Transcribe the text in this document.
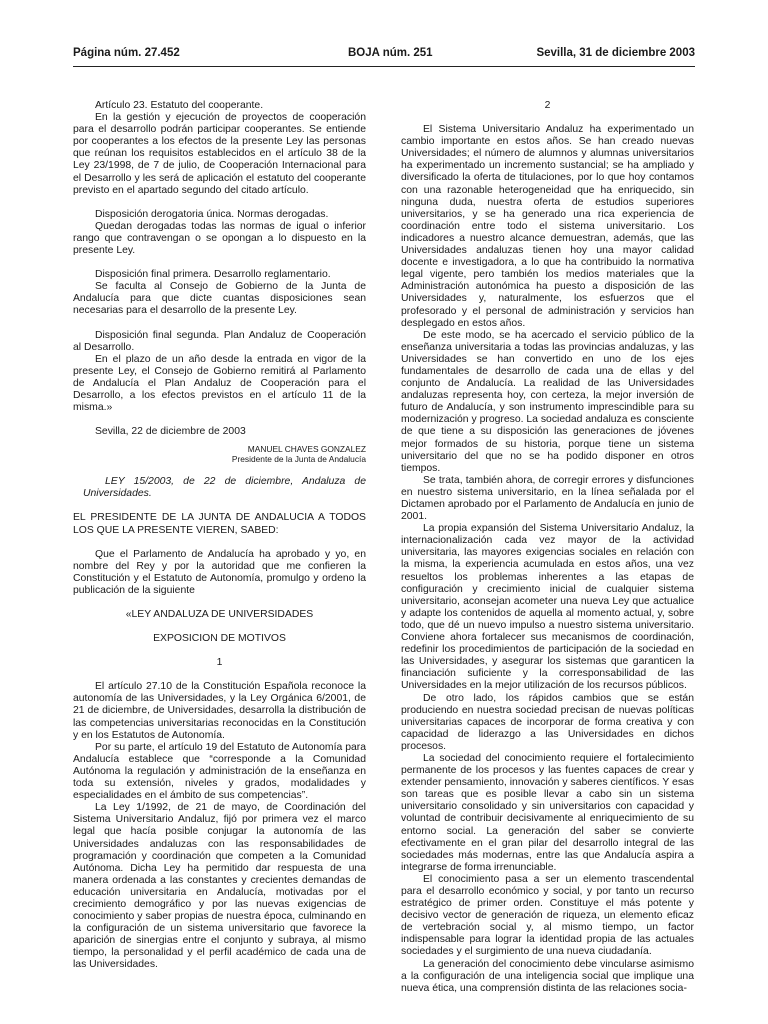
Página núm. 27.452	BOJA núm. 251	Sevilla, 31 de diciembre 2003

Artículo 23. Estatuto del cooperante.

En la gestión y ejecución de proyectos de cooperación para el desarrollo podrán participar cooperantes. Se entiende por cooperantes a los efectos de la presente Ley las personas que reúnan los requisitos establecidos en el artículo 38 de la Ley 23/1998, de 7 de julio, de Cooperación Internacional para el Desarrollo y les será de aplicación el estatuto del cooperante previsto en el apartado segundo del citado artículo.

Disposición derogatoria única. Normas derogadas.

Quedan derogadas todas las normas de igual o inferior rango que contravengan o se opongan a lo dispuesto en la presente Ley.

Disposición final primera. Desarrollo reglamentario.

Se faculta al Consejo de Gobierno de la Junta de Andalucía para que dicte cuantas disposiciones sean necesarias para el desarrollo de la presente Ley.

Disposición final segunda. Plan Andaluz de Cooperación al Desarrollo.

En el plazo de un año desde la entrada en vigor de la presente Ley, el Consejo de Gobierno remitirá al Parlamento de Andalucía el Plan Andaluz de Cooperación para el Desarrollo, a los efectos previstos en el artículo 11 de la misma.»

Sevilla, 22 de diciembre de 2003

MANUEL CHAVES GONZALEZ

Presidente de la Junta de Andalucía

LEY 15/2003, de 22 de diciembre, Andaluza de Universidades.

EL PRESIDENTE DE LA JUNTA DE ANDALUCIA A TODOS LOS QUE LA PRESENTE VIEREN, SABED:

Que el Parlamento de Andalucía ha aprobado y yo, en nombre del Rey y por la autoridad que me confieren la Constitución y el Estatuto de Autonomía, promulgo y ordeno la publicación de la siguiente

«LEY ANDALUZA DE UNIVERSIDADES

EXPOSICION DE MOTIVOS

1

El artículo 27.10 de la Constitución Española reconoce la autonomía de las Universidades, y la Ley Orgánica 6/2001, de 21 de diciembre, de Universidades, desarrolla la distribución de las competencias universitarias reconocidas en la Constitución y en los Estatutos de Autonomía.

Por su parte, el artículo 19 del Estatuto de Autonomía para Andalucía establece que “corresponde a la Comunidad Autónoma la regulación y administración de la enseñanza en toda su extensión, niveles y grados, modalidades y especialidades en el ámbito de sus competencias”.

La Ley 1/1992, de 21 de mayo, de Coordinación del Sistema Universitario Andaluz, fijó por primera vez el marco legal que hacía posible conjugar la autonomía de las Universidades andaluzas con las responsabilidades de programación y coordinación que competen a la Comunidad Autónoma. Dicha Ley ha permitido dar respuesta de una manera ordenada a las constantes y crecientes demandas de educación universitaria en Andalucía, motivadas por el crecimiento demográfico y por las nuevas exigencias de conocimiento y saber propias de nuestra época, culminando en la configuración de un sistema universitario que favorece la aparición de sinergias entre el conjunto y subraya, al mismo tiempo, la personalidad y el perfil académico de cada una de las Universidades.

2

El Sistema Universitario Andaluz ha experimentado un cambio importante en estos años. Se han creado nuevas Universidades; el número de alumnos y alumnas universitarios ha experimentado un incremento sustancial; se ha ampliado y diversificado la oferta de titulaciones, por lo que hoy contamos con una razonable heterogeneidad que ha enriquecido, sin ninguna duda, nuestra oferta de estudios superiores universitarios, y se ha generado una rica experiencia de coordinación entre todo el sistema universitario. Los indicadores a nuestro alcance demuestran, además, que las Universidades andaluzas tienen hoy una mayor calidad docente e investigadora, a lo que ha contribuido la normativa legal vigente, pero también los medios materiales que la Administración autonómica ha puesto a disposición de las Universidades y, naturalmente, los esfuerzos que el profesorado y el personal de administración y servicios han desplegado en estos años.

De este modo, se ha acercado el servicio público de la enseñanza universitaria a todas las provincias andaluzas, y las Universidades se han convertido en uno de los ejes fundamentales de desarrollo de cada una de ellas y del conjunto de Andalucía. La realidad de las Universidades andaluzas representa hoy, con certeza, la mejor inversión de futuro de Andalucía, y son instrumento imprescindible para su modernización y progreso. La sociedad andaluza es consciente de que tiene a su disposición las generaciones de jóvenes mejor formados de su historia, porque tiene un sistema universitario del que no se ha podido disponer en otros tiempos.

Se trata, también ahora, de corregir errores y disfunciones en nuestro sistema universitario, en la línea señalada por el Dictamen aprobado por el Parlamento de Andalucía en junio de 2001.

La propia expansión del Sistema Universitario Andaluz, la internacionalización cada vez mayor de la actividad universitaria, las mayores exigencias sociales en relación con la misma, la experiencia acumulada en estos años, una vez resueltos los problemas inherentes a las etapas de configuración y crecimiento inicial de cualquier sistema universitario, aconsejan acometer una nueva Ley que actualice y adapte los contenidos de aquella al momento actual, y, sobre todo, que dé un nuevo impulso a nuestro sistema universitario. Conviene ahora fortalecer sus mecanismos de coordinación, redefinir los procedimientos de participación de la sociedad en las Universidades, y asegurar los sistemas que garanticen la financiación suficiente y la corresponsabilidad de las Universidades en la mejor utilización de los recursos públicos.

De otro lado, los rápidos cambios que se están produciendo en nuestra sociedad precisan de nuevas políticas universitarias capaces de incorporar de forma creativa y con capacidad de liderazgo a las Universidades en dichos procesos.

La sociedad del conocimiento requiere el fortalecimiento permanente de los procesos y las fuentes capaces de crear y extender pensamiento, innovación y saberes científicos. Y esas son tareas que es posible llevar a cabo sin un sistema universitario consolidado y sin universitarios con capacidad y voluntad de contribuir decisivamente al enriquecimiento de su entorno social. La generación del saber se convierte efectivamente en el gran pilar del desarrollo integral de las sociedades más modernas, entre las que Andalucía aspira a integrarse de forma irrenunciable.

El conocimiento pasa a ser un elemento trascendental para el desarrollo económico y social, y por tanto un recurso estratégico de primer orden. Constituye el más potente y decisivo vector de generación de riqueza, un elemento eficaz de vertebración social y, al mismo tiempo, un factor indispensable para lograr la identidad propia de las actuales sociedades y el surgimiento de una nueva ciudadanía.

La generación del conocimiento debe vincularse asimismo a la configuración de una inteligencia social que implique una nueva ética, una comprensión distinta de las relaciones socia-
